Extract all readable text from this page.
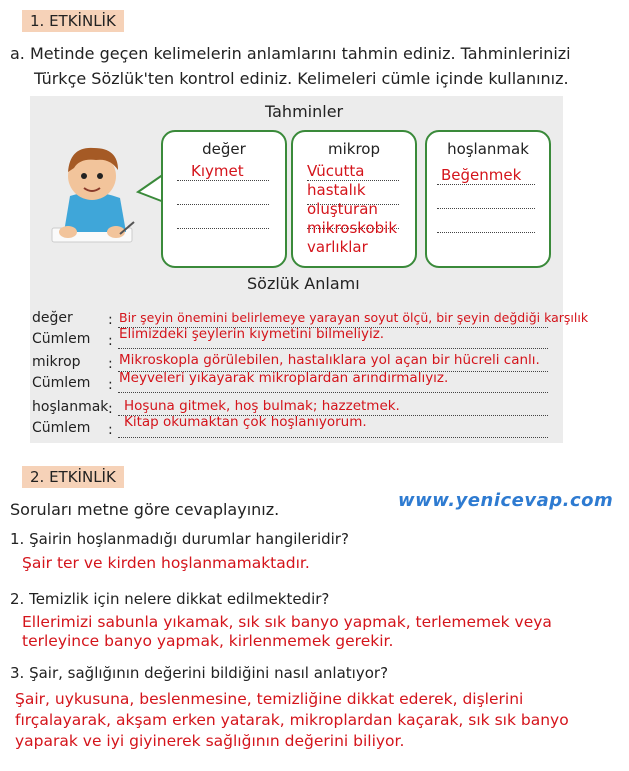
1. ETKİNLİK
a. Metinde geçen kelimelerin anlamlarını tahmin ediniz. Tahminlerinizi
Türkçe Sözlük'ten kontrol ediniz. Kelimeleri cümle içinde kullanınız.
Tahminler
değer
Kıymet
mikrop
Vücutta
hastalık
oluşturan
mikroskobik
varlıklar
hoşlanmak
Beğenmek
Sözlük Anlamı
değer	: Bir şeyin önemini belirlemeye yarayan soyut ölçü, bir şeyin değdiği karşılık
Cümlem : Elimizdeki şeylerin kıymetini bilmeliyiz.
mikrop : Mikroskopla görülebilen, hastalıklara yol açan bir hücreli canlı.
Cümlem : Meyveleri yıkayarak mikroplardan arındırmalıyız.
hoşlanmak : Hoşuna gitmek, hoş bulmak; hazzetmek.
Cümlem : Kitap okumaktan çok hoşlanıyorum.
2. ETKİNLİK
Soruları metne göre cevaplayınız.	www.yenicevap.com
1. Şairin hoşlanmadığı durumlar hangileridir?
Şair ter ve kirden hoşlanmamaktadır.
2. Temizlik için nelere dikkat edilmektedir?
Ellerimizi sabunla yıkamak, sık sık banyo yapmak, terlememek veya
terleyince banyo yapmak, kirlenmemek gerekir.
3. Şair, sağlığının değerini bildiğini nasıl anlatıyor?
Şair, uykusuna, beslenmesine, temizliğine dikkat ederek, dişlerini
fırçalayarak, akşam erken yatarak, mikroplardan kaçarak, sık sık banyo
yaparak ve iyi giyinerek sağlığının değerini biliyor.
